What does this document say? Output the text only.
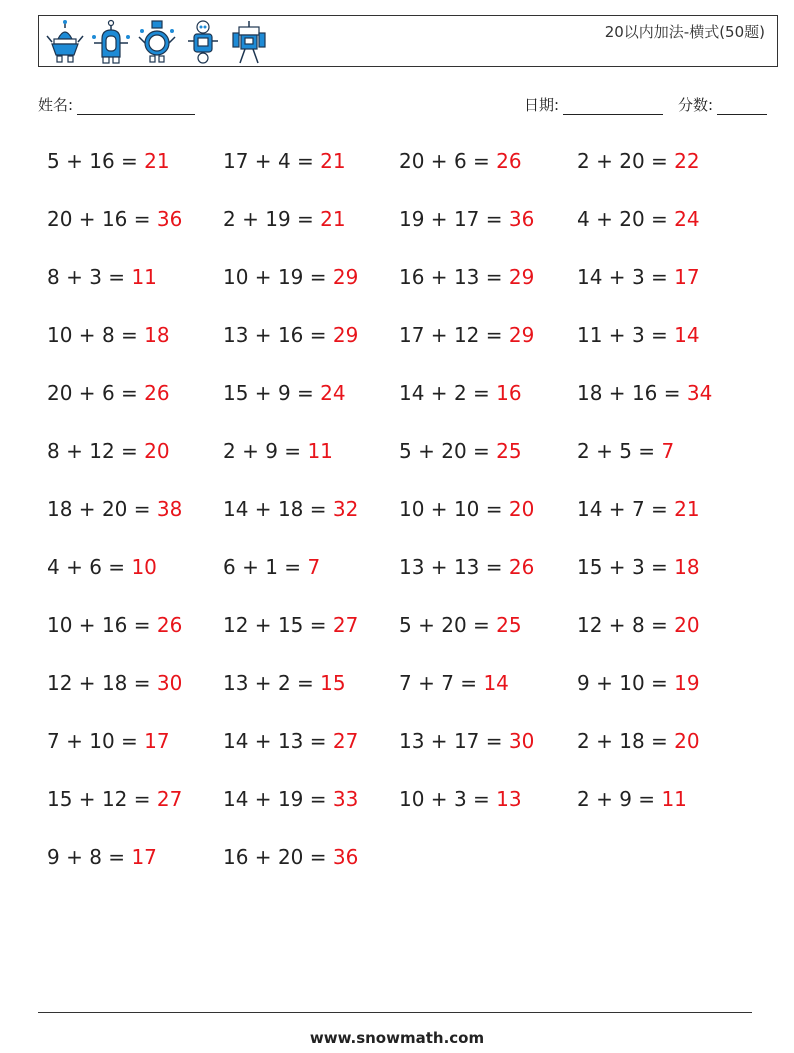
20以内加法-横式(50题)
姓名:	日期:	分数:
5 + 16 = 21	17 + 4 = 21	20 + 6 = 26	2 + 20 = 22
20 + 16 = 36	2 + 19 = 21	19 + 17 = 36	4 + 20 = 24
8 + 3 = 11	10 + 19 = 29	16 + 13 = 29	14 + 3 = 17
10 + 8 = 18	13 + 16 = 29	17 + 12 = 29	11 + 3 = 14
20 + 6 = 26	15 + 9 = 24	14 + 2 = 16	18 + 16 = 34
8 + 12 = 20	2 + 9 = 11	5 + 20 = 25	2 + 5 = 7
18 + 20 = 38	14 + 18 = 32	10 + 10 = 20	14 + 7 = 21
4 + 6 = 10	6 + 1 = 7	13 + 13 = 26	15 + 3 = 18
10 + 16 = 26	12 + 15 = 27	5 + 20 = 25	12 + 8 = 20
12 + 18 = 30	13 + 2 = 15	7 + 7 = 14	9 + 10 = 19
7 + 10 = 17	14 + 13 = 27	13 + 17 = 30	2 + 18 = 20
15 + 12 = 27	14 + 19 = 33	10 + 3 = 13	2 + 9 = 11
9 + 8 = 17	16 + 20 = 36
www.snowmath.com
